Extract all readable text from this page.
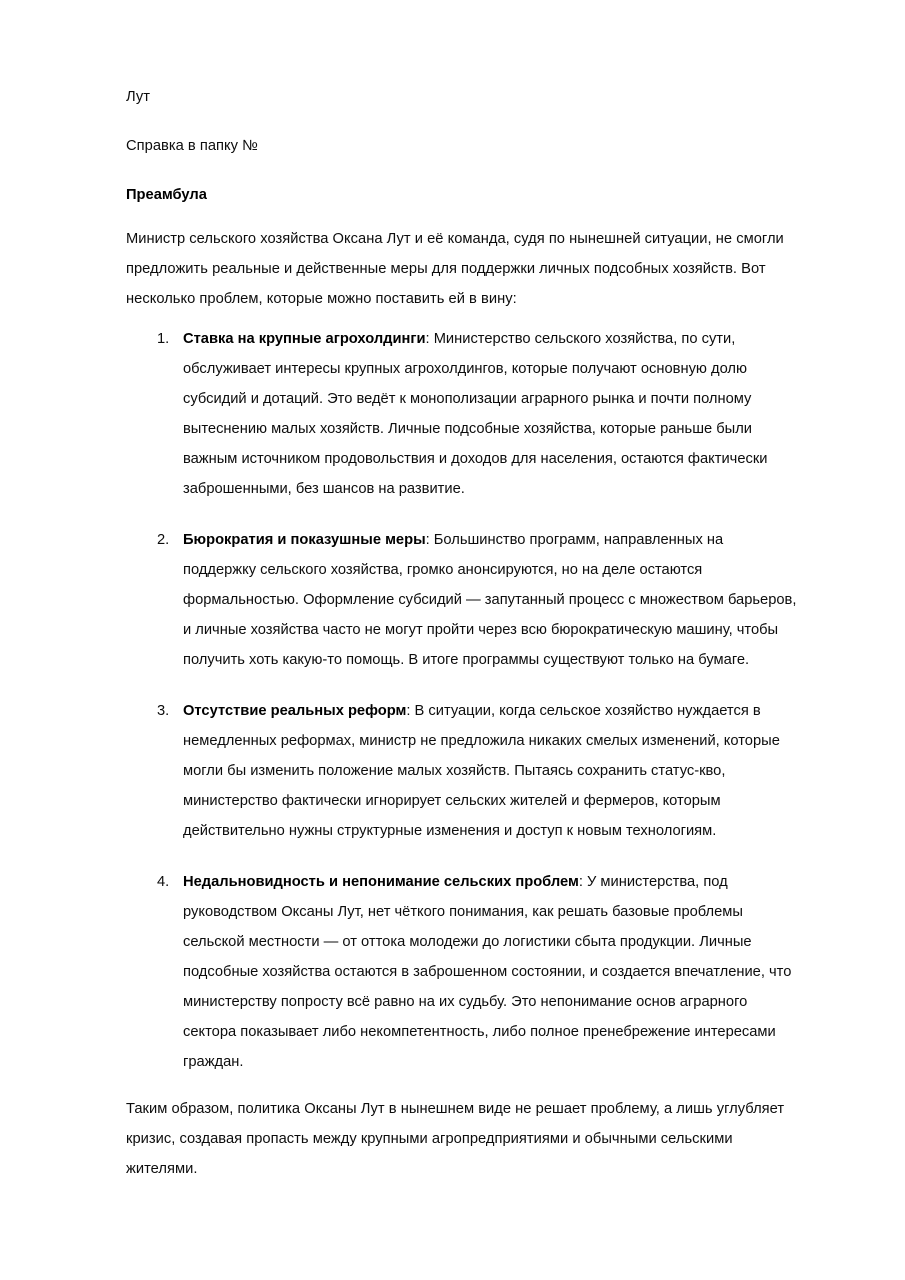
Лут

Справка в папку №

Преамбула

Министр сельского хозяйства Оксана Лут и её команда, судя по нынешней ситуации, не смогли предложить реальные и действенные меры для поддержки личных подсобных хозяйств. Вот несколько проблем, которые можно поставить ей в вину:

Ставка на крупные агрохолдинги: Министерство сельского хозяйства, по сути, обслуживает интересы крупных агрохолдингов, которые получают основную долю субсидий и дотаций. Это ведёт к монополизации аграрного рынка и почти полному вытеснению малых хозяйств. Личные подсобные хозяйства, которые раньше были важным источником продовольствия и доходов для населения, остаются фактически заброшенными, без шансов на развитие.
Бюрократия и показушные меры: Большинство программ, направленных на поддержку сельского хозяйства, громко анонсируются, но на деле остаются формальностью. Оформление субсидий — запутанный процесс с множеством барьеров, и личные хозяйства часто не могут пройти через всю бюрократическую машину, чтобы получить хоть какую-то помощь. В итоге программы существуют только на бумаге.
Отсутствие реальных реформ: В ситуации, когда сельское хозяйство нуждается в немедленных реформах, министр не предложила никаких смелых изменений, которые могли бы изменить положение малых хозяйств. Пытаясь сохранить статус-кво, министерство фактически игнорирует сельских жителей и фермеров, которым действительно нужны структурные изменения и доступ к новым технологиям.
Недальновидность и непонимание сельских проблем: У министерства, под руководством Оксаны Лут, нет чёткого понимания, как решать базовые проблемы сельской местности — от оттока молодежи до логистики сбыта продукции. Личные подсобные хозяйства остаются в заброшенном состоянии, и создается впечатление, что министерству попросту всё равно на их судьбу. Это непонимание основ аграрного сектора показывает либо некомпетентность, либо полное пренебрежение интересами граждан.

Таким образом, политика Оксаны Лут в нынешнем виде не решает проблему, а лишь углубляет кризис, создавая пропасть между крупными агропредприятиями и обычными сельскими жителями.
